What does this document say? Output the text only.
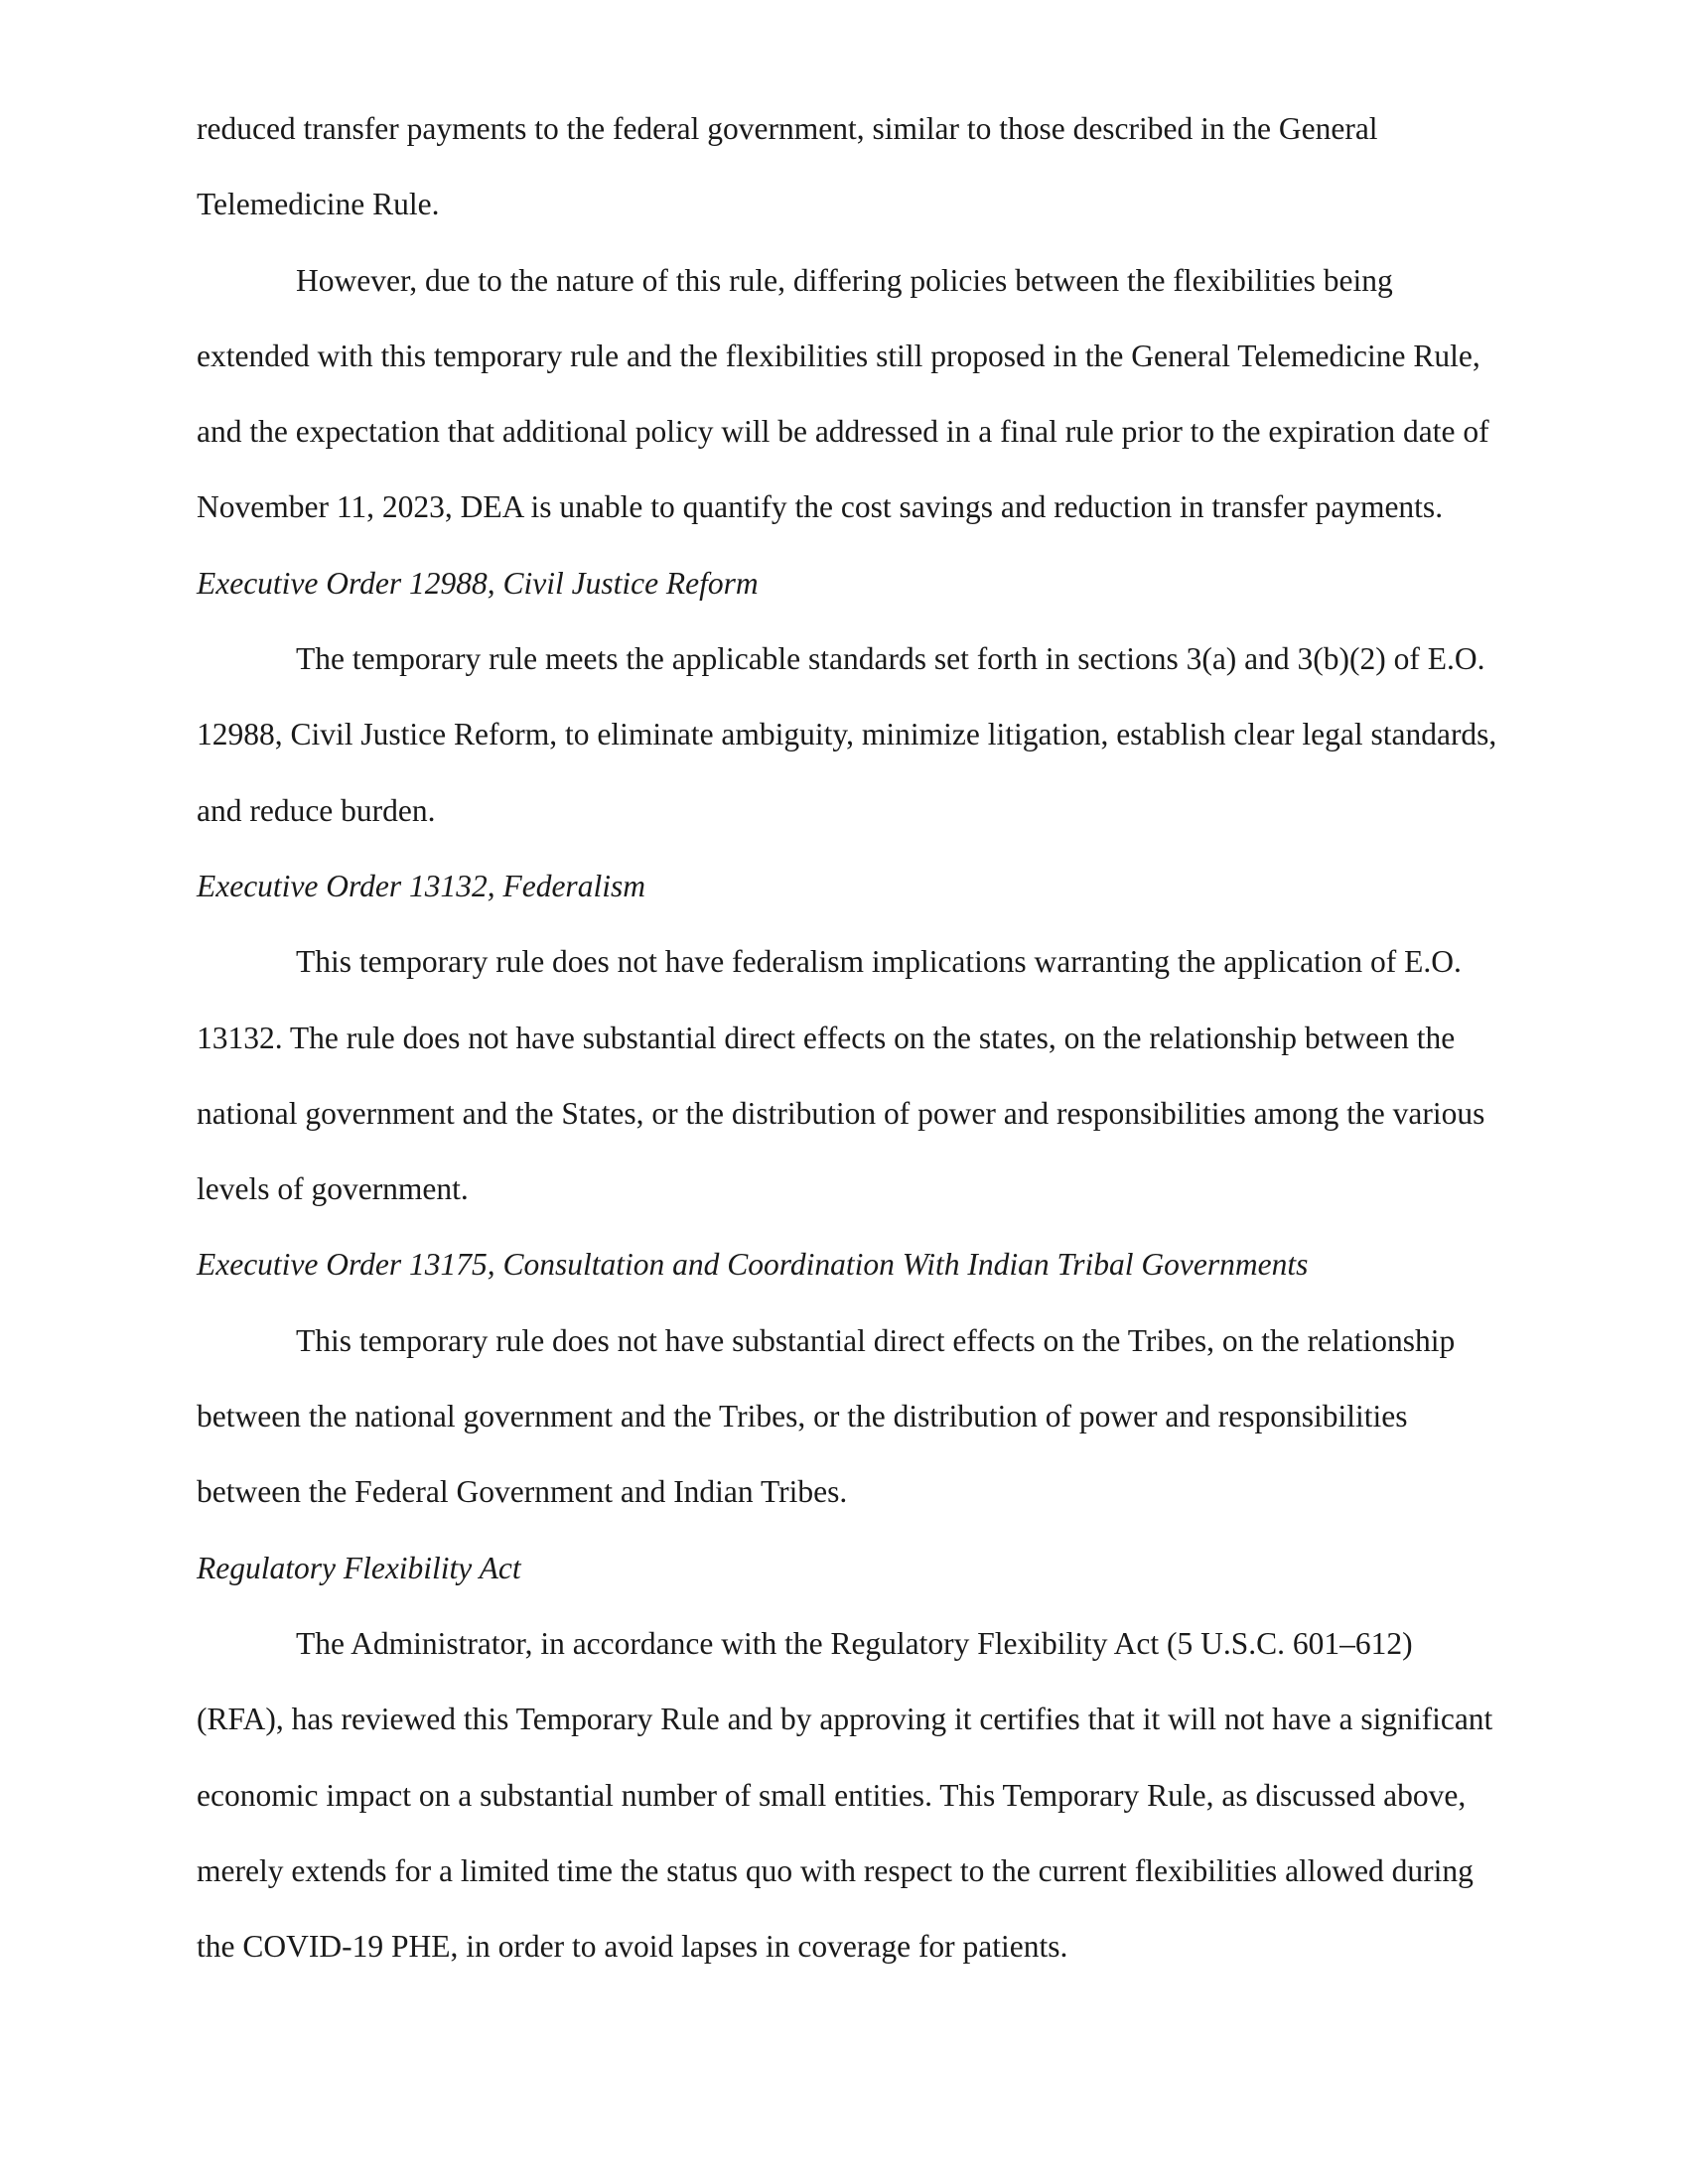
reduced transfer payments to the federal government, similar to those described in the General Telemedicine Rule.

However, due to the nature of this rule, differing policies between the flexibilities being extended with this temporary rule and the flexibilities still proposed in the General Telemedicine Rule, and the expectation that additional policy will be addressed in a final rule prior to the expiration date of November 11, 2023, DEA is unable to quantify the cost savings and reduction in transfer payments.

Executive Order 12988, Civil Justice Reform

The temporary rule meets the applicable standards set forth in sections 3(a) and 3(b)(2) of E.O. 12988, Civil Justice Reform, to eliminate ambiguity, minimize litigation, establish clear legal standards, and reduce burden.

Executive Order 13132, Federalism

This temporary rule does not have federalism implications warranting the application of E.O. 13132. The rule does not have substantial direct effects on the states, on the relationship between the national government and the States, or the distribution of power and responsibilities among the various levels of government.

Executive Order 13175, Consultation and Coordination With Indian Tribal Governments

This temporary rule does not have substantial direct effects on the Tribes, on the relationship between the national government and the Tribes, or the distribution of power and responsibilities between the Federal Government and Indian Tribes.

Regulatory Flexibility Act

The Administrator, in accordance with the Regulatory Flexibility Act (5 U.S.C. 601–612) (RFA), has reviewed this Temporary Rule and by approving it certifies that it will not have a significant economic impact on a substantial number of small entities. This Temporary Rule, as discussed above, merely extends for a limited time the status quo with respect to the current flexibilities allowed during the COVID-19 PHE, in order to avoid lapses in coverage for patients.
